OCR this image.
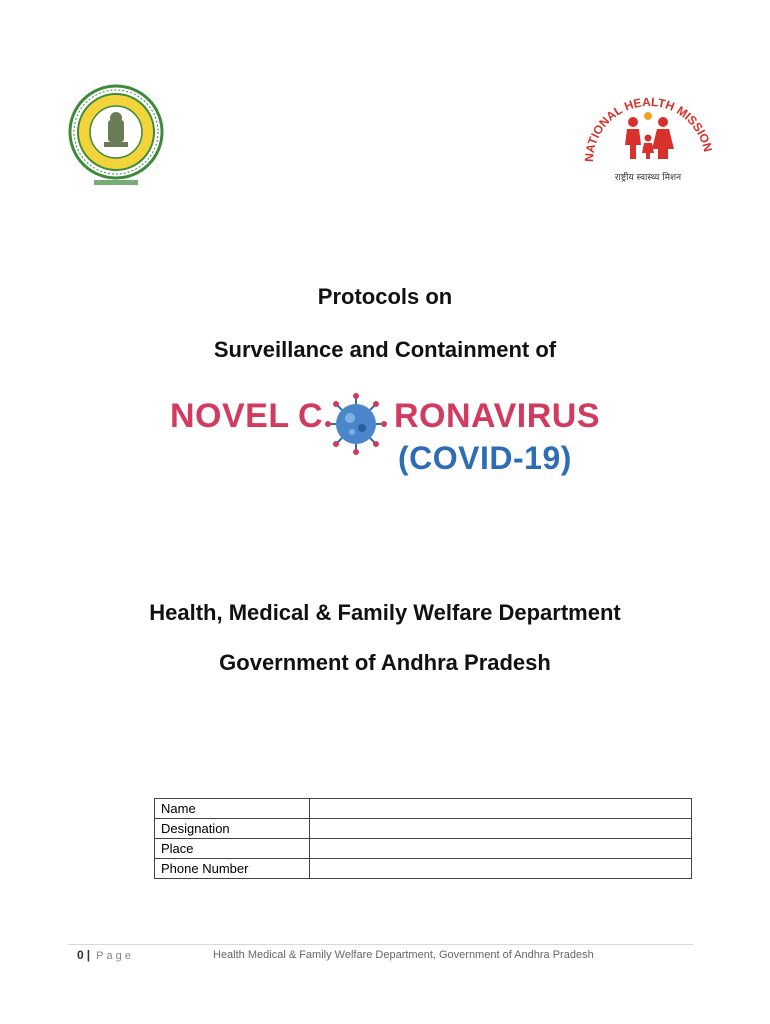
NATIONAL HEALTH MISSION
राष्ट्रीय स्वास्थ्य मिशन
Protocols on
Surveillance and Containment of
NOVEL C RONAVIRUS
(COVID-19)
Health, Medical & Family Welfare Department
Government of Andhra Pradesh
Name	
Designation	
Place	
Phone Number	
0 | Page	Health Medical & Family Welfare Department, Government of Andhra Pradesh
